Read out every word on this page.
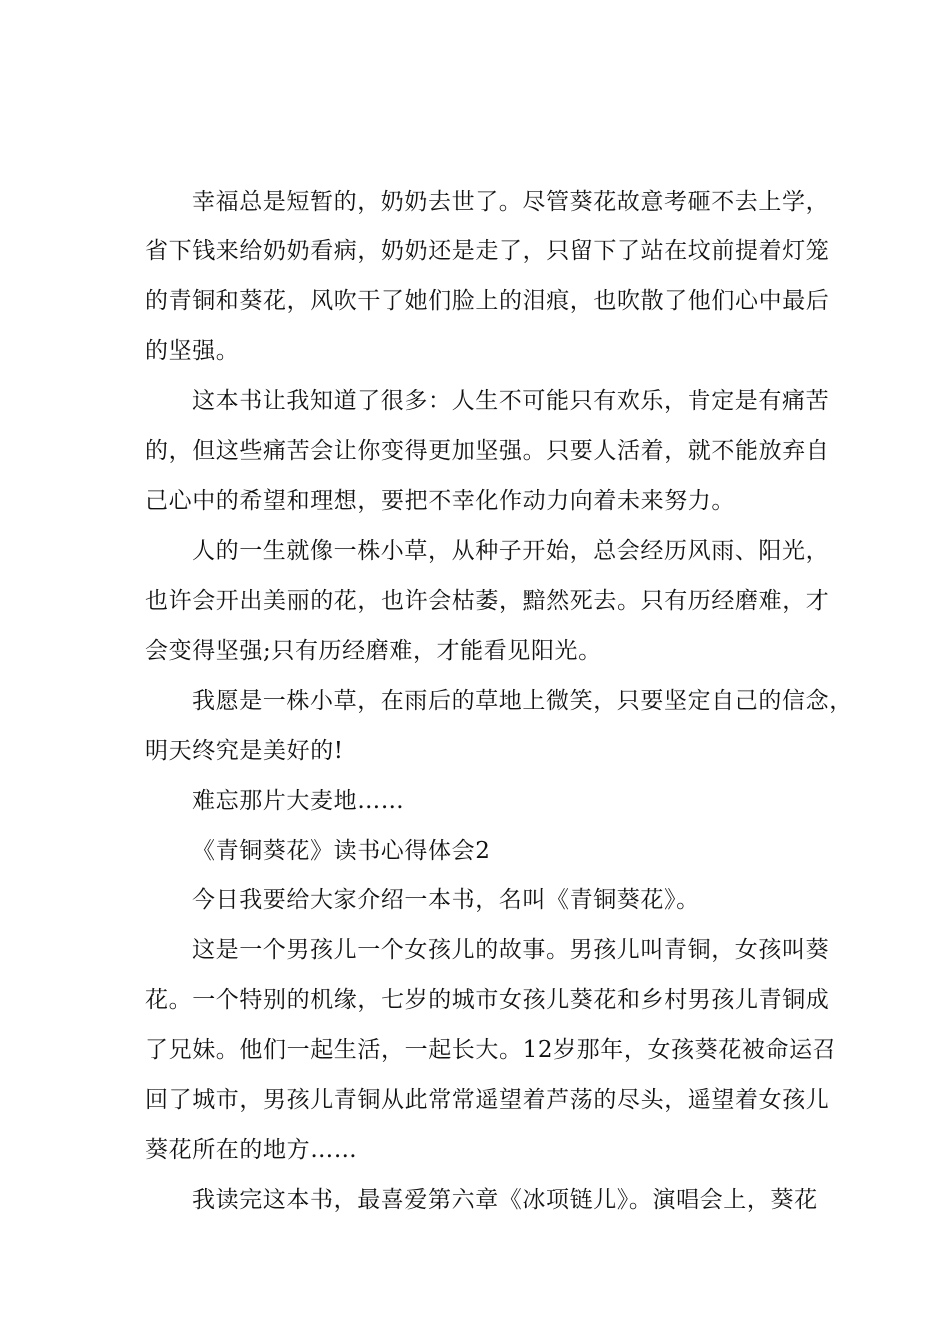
幸福总是短暂的，奶奶去世了。尽管葵花故意考砸不去上学，
省下钱来给奶奶看病，奶奶还是走了，只留下了站在坟前提着灯笼
的青铜和葵花，风吹干了她们脸上的泪痕，也吹散了他们心中最后
的坚强。
这本书让我知道了很多：人生不可能只有欢乐，肯定是有痛苦
的，但这些痛苦会让你变得更加坚强。只要人活着，就不能放弃自
己心中的希望和理想，要把不幸化作动力向着未来努力。
人的一生就像一株小草，从种子开始，总会经历风雨、阳光，
也许会开出美丽的花，也许会枯萎，黯然死去。只有历经磨难，才
会变得坚强;只有历经磨难，才能看见阳光。
我愿是一株小草，在雨后的草地上微笑，只要坚定自己的信念，
明天终究是美好的!
难忘那片大麦地……
《青铜葵花》读书心得体会2
今日我要给大家介绍一本书，名叫《青铜葵花》。
这是一个男孩儿一个女孩儿的故事。男孩儿叫青铜，女孩叫葵
花。一个特别的机缘，七岁的城市女孩儿葵花和乡村男孩儿青铜成
了兄妹。他们一起生活，一起长大。12岁那年，女孩葵花被命运召
回了城市，男孩儿青铜从此常常遥望着芦荡的尽头，遥望着女孩儿
葵花所在的地方……
我读完这本书，最喜爱第六章《冰项链儿》。演唱会上，葵花
